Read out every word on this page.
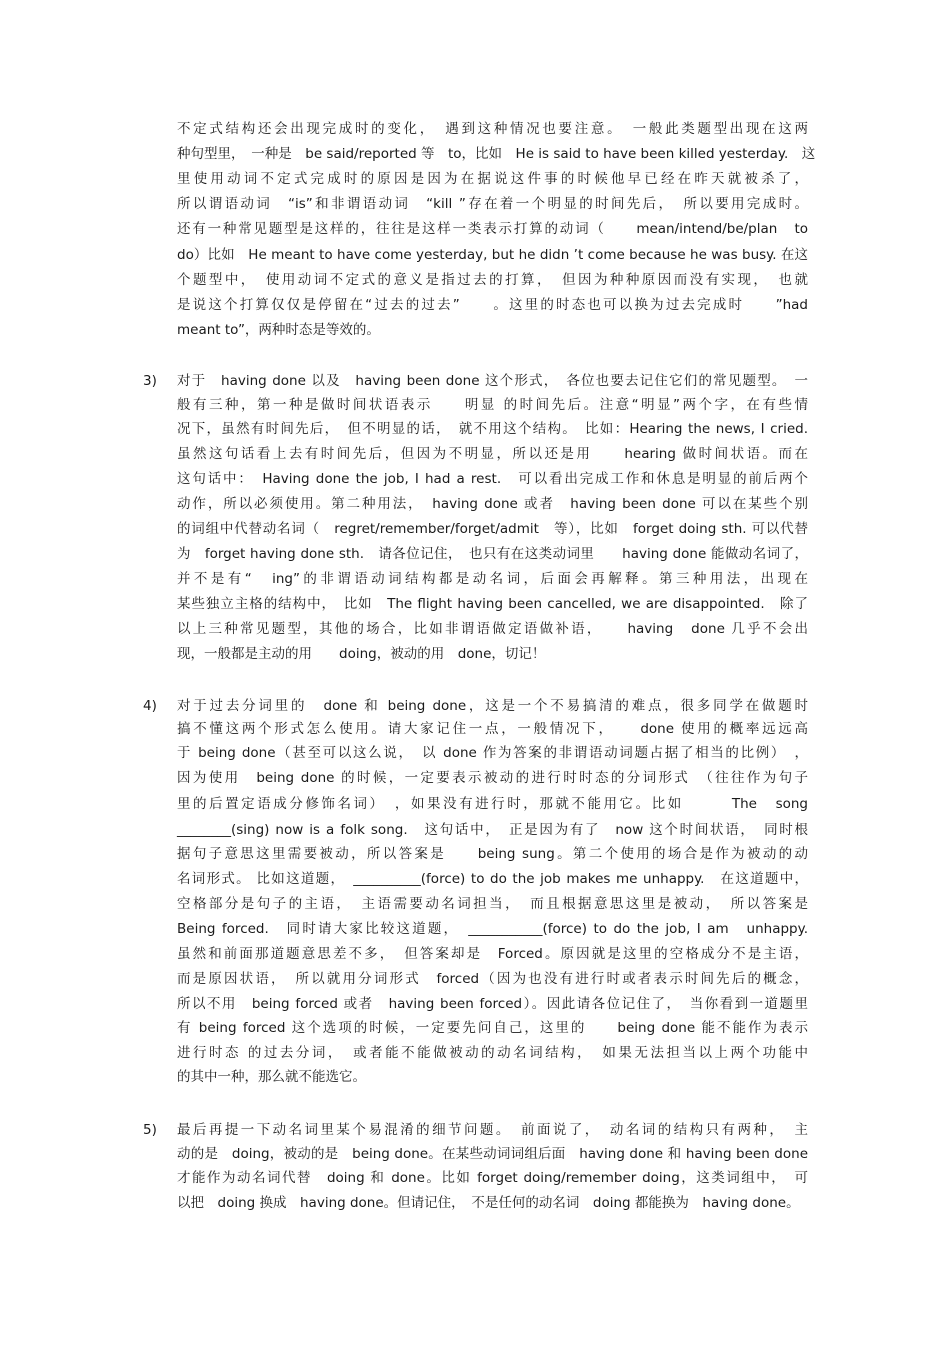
不定式结构还会出现完成时的变化，　遇到这种情况也要注意。　一般此类题型出现在这两
种句型里，　一种是　be said/reported 等　to，比如　He is said to have been killed yesterday.　这
里使用动词不定式完成时的原因是因为在据说这件事的时候他早已经在昨天就被杀了，
所以谓语动词　“is”和非谓语动词　“kill ”存在着一个明显的时间先后，　所以要用完成时。
还有一种常见题型是这样的，往往是这样一类表示打算的动词（　　mean/intend/be/plan　to
do）比如　He meant to have come yesterday, but he didn ’t come because he was busy. 在这
个题型中，　使用动词不定式的意义是指过去的打算，　但因为种种原因而没有实现，　也就
是说这个打算仅仅是停留在“过去的过去”　　。这里的时态也可以换为过去完成时　　”had
meant to”，两种时态是等效的。
3) 对于　having done 以及　having been done 这个形式，　各位也要去记住它们的常见题型。　一
般有三种，第一种是做时间状语表示　　明显 的时间先后。注意“明显”两个字，在有些情
况下，虽然有时间先后，　但不明显的话，　就不用这个结构。　比如：Hearing the news, I cried.
虽然这句话看上去有时间先后，但因为不明显，所以还是用　　hearing 做时间状语。而在
这句话中：　Having done the job, I had a rest.　可以看出完成工作和休息是明显的前后两个
动作，所以必须使用。第二种用法，　having done 或者　having been done 可以在某些个别
的词组中代替动名词（　regret/remember/forget/admit　等），比如　forget doing sth. 可以代替
为　forget having done sth.　请各位记住，　也只有在这类动词里　　having done 能做动名词了，
并不是有“　ing”的非谓语动词结构都是动名词，后面会再解释。第三种用法，出现在
某些独立主格的结构中，　比如　The flight having been cancelled, we are disappointed.　除了
以上三种常见题型，其他的场合，比如非谓语做定语做补语，　　having　done 几乎不会出
现，一般都是主动的用　　doing，被动的用　done，切记！
4) 对于过去分词里的　done 和 being done，这是一个不易搞清的难点，很多同学在做题时
搞不懂这两个形式怎么使用。请大家记住一点，一般情况下，　　done 使用的概率远远高
于 being done（甚至可以这么说，　以 done 作为答案的非谓语动词题占据了相当的比例）　，
因为使用　being done 的时候，一定要表示被动的进行时时态的分词形式　（往往作为句子
里的后置定语成分修饰名词）　，如果没有进行时，那就不能用它。比如　　　The　song
________(sing) now is a folk song.　这句话中，　正是因为有了　now 这个时间状语，　同时根
据句子意思这里需要被动，所以答案是　　being sung。第二个使用的场合是作为被动的动
名词形式。 比如这道题，　__________(force) to do the job makes me unhappy.　在这道题中，
空格部分是句子的主语，　主语需要动名词担当，　而且根据意思这里是被动，　所以答案是
Being forced.　同时请大家比较这道题，　___________(force) to do the job, I am　unhappy.
虽然和前面那道题意思差不多，　但答案却是　Forced。原因就是这里的空格成分不是主语，
而是原因状语，　所以就用分词形式　forced（因为也没有进行时或者表示时间先后的概念，
所以不用　being forced 或者　having been forced）。因此请各位记住了，　当你看到一道题里
有 being forced 这个选项的时候，一定要先问自己，这里的　　being done 能不能作为表示
进行时态 的过去分词，　或者能不能做被动的动名词结构，　如果无法担当以上两个功能中
的其中一种，那么就不能选它。
5) 最后再提一下动名词里某个易混淆的细节问题。　前面说了，　动名词的结构只有两种，　主
动的是　doing，被动的是　being done。在某些动词词组后面　having done 和 having been done
才能作为动名词代替　doing 和 done。比如 forget doing/remember doing，这类词组中，　可
以把　doing 换成　having done。但请记住，　不是任何的动名词　doing 都能换为　having done。
